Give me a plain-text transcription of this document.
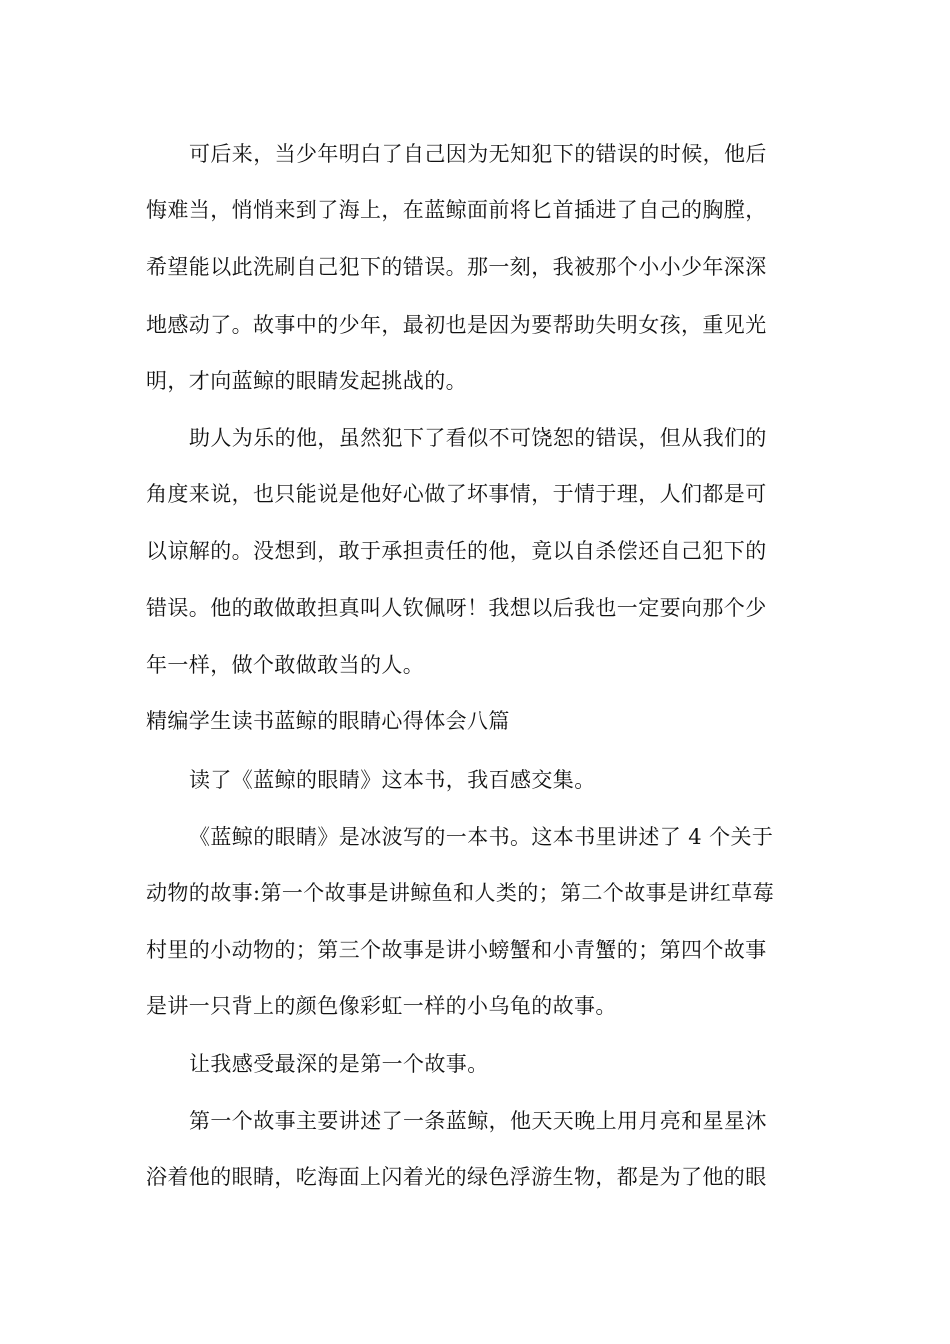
可后来，当少年明白了自己因为无知犯下的错误的时候，他后
悔难当，悄悄来到了海上，在蓝鲸面前将匕首插进了自己的胸膛，
希望能以此洗刷自己犯下的错误。那一刻，我被那个小小少年深深
地感动了。故事中的少年，最初也是因为要帮助失明女孩，重见光
明，才向蓝鲸的眼睛发起挑战的。
助人为乐的他，虽然犯下了看似不可饶恕的错误，但从我们的
角度来说，也只能说是他好心做了坏事情，于情于理，人们都是可
以谅解的。没想到，敢于承担责任的他，竟以自杀偿还自己犯下的
错误。他的敢做敢担真叫人钦佩呀！我想以后我也一定要向那个少
年一样，做个敢做敢当的人。
精编学生读书蓝鲸的眼睛心得体会八篇
读了《蓝鲸的眼睛》这本书，我百感交集。
《蓝鲸的眼睛》是冰波写的一本书。这本书里讲述了 4 个关于
动物的故事:第一个故事是讲鲸鱼和人类的；第二个故事是讲红草莓
村里的小动物的；第三个故事是讲小螃蟹和小青蟹的；第四个故事
是讲一只背上的颜色像彩虹一样的小乌龟的故事。
让我感受最深的是第一个故事。
第一个故事主要讲述了一条蓝鲸，他天天晚上用月亮和星星沐
浴着他的眼睛，吃海面上闪着光的绿色浮游生物，都是为了他的眼
